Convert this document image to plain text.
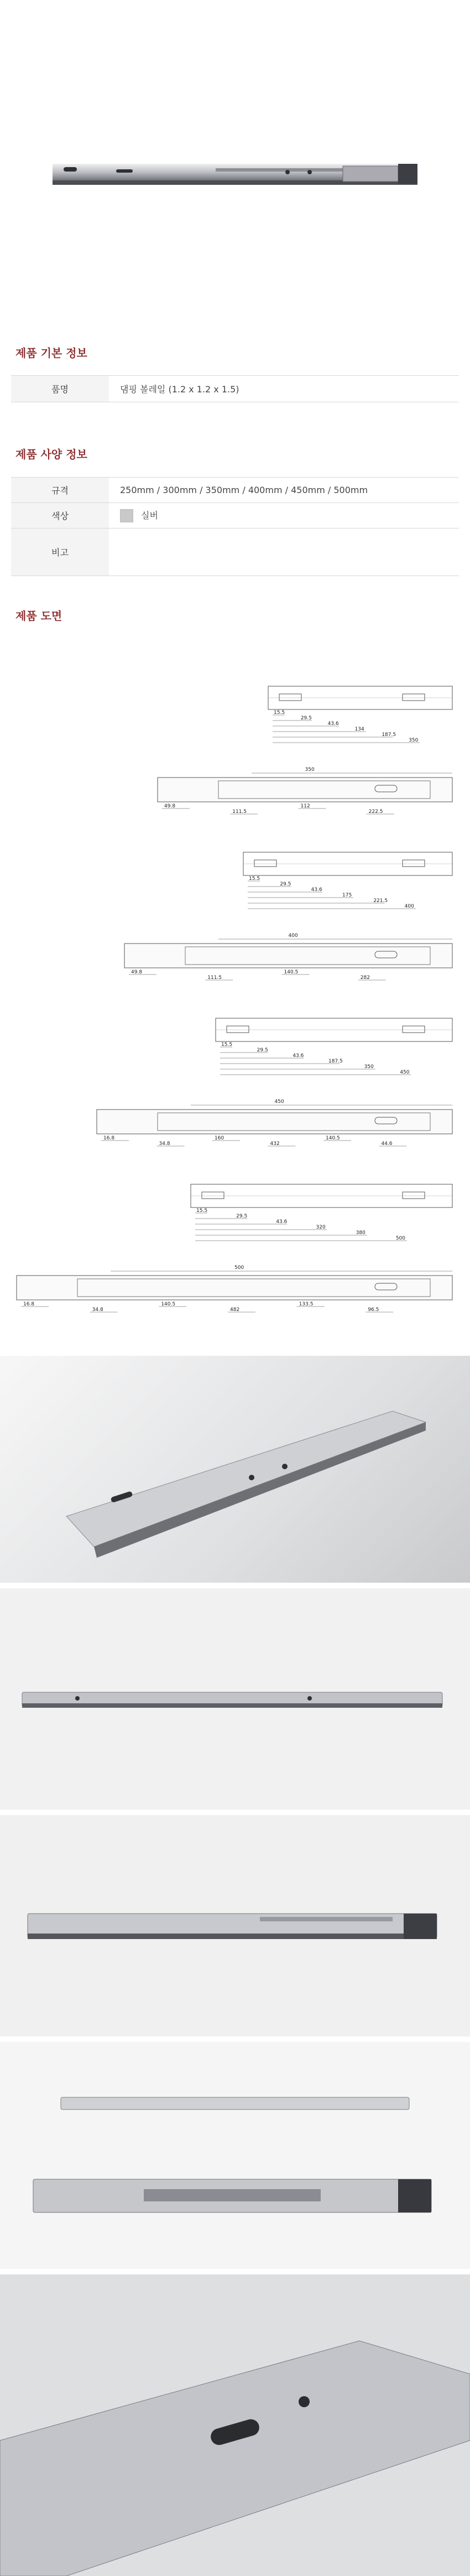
제품 기본 정보
품명	댐핑 볼레일 (1.2 x 1.2 x 1.5)
제품 사양 정보
규격	250mm / 300mm / 350mm / 400mm / 450mm / 500mm
색상	실버
비고	
제품 도면
15.5
29.5
43.6
134
187.5
350
350
49.8
111.5
112
222.5
15.5
29.5
43.6
175
221.5
400
400
49.8
111.5
140.5
282
15.5
29.5
43.6
187.5
350
450
450
16.8
34.8
160
432
140.5
44.6
15.5
29.5
43.6
320
380
500
500
16.8
34.8
140.5
482
133.5
96.5
